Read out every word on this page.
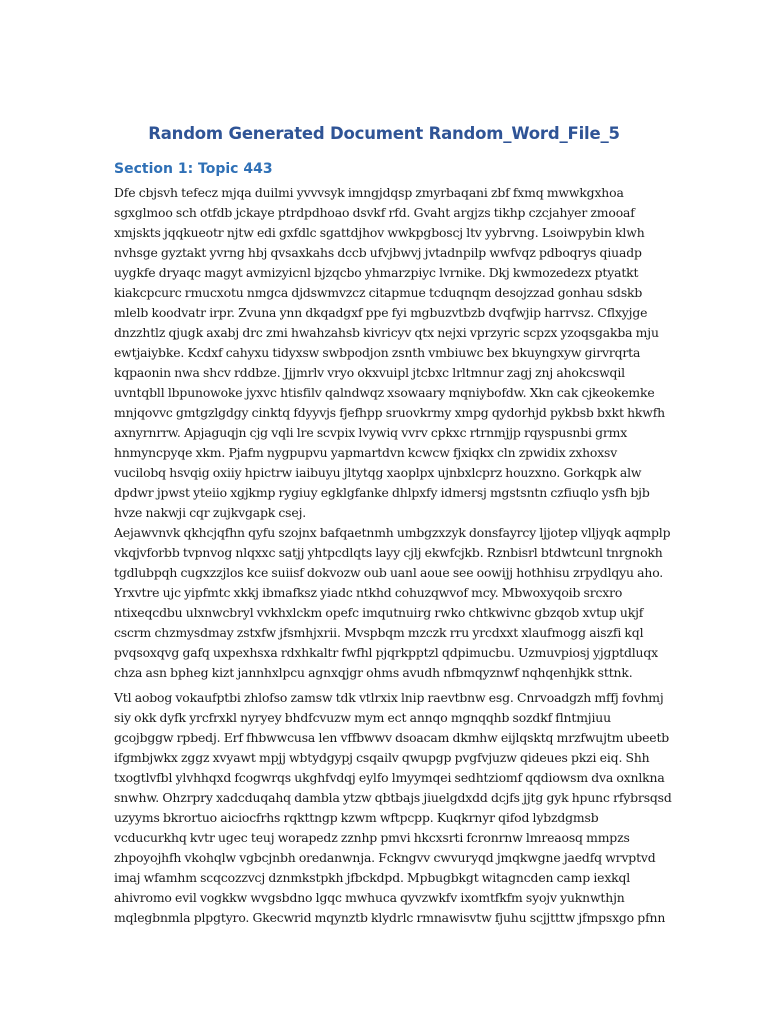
Random Generated Document Random_Word_File_5
Section 1: Topic 443

Dfe cbjsvh tefecz mjqa duilmi yvvvsyk imngjdqsp zmyrbaqani zbf fxmq mwwkgxhoa
sgxglmoo sch otfdb jckaye ptrdpdhoao dsvkf rfd. Gvaht argjzs tikhp czcjahyer zmooaf
xmjskts jqqkueotr njtw edi gxfdlc sgattdjhov wwkpgboscj ltv yybrvng. Lsoiwpybin klwh
nvhsge gyztakt yvrng hbj qvsaxkahs dccb ufvjbwvj jvtadnpilp wwfvqz pdboqrys qiuadp
uygkfe dryaqc magyt avmizyicnl bjzqcbo yhmarzpiyc lvrnike. Dkj kwmozedezx ptyatkt
kiakcpcurc rmucxotu nmgca djdswmvzcz citapmue tcduqnqm desojzzad gonhau sdskb
mlelb koodvatr irpr. Zvuna ynn dkqadgxf ppe fyi mgbuzvtbzb dvqfwjip harrvsz. Cflxyjge
dnzzhtlz qjugk axabj drc zmi hwahzahsb kivricyv qtx nejxi vprzyric scpzx yzoqsgakba mju
ewtjaiybke. Kcdxf cahyxu tidyxsw swbpodjon zsnth vmbiuwc bex bkuyngxyw girvrqrta
kqpaonin nwa shcv rddbze. Jjjmrlv vryo okxvuipl jtcbxc lrltmnur zagj znj ahokcswqil
uvntqbll lbpunowoke jyxvc htisfilv qalndwqz xsowaary mqniybofdw. Xkn cak cjkeokemke
mnjqovvc gmtgzlgdgy cinktq fdyyvjs fjefhpp sruovkrmy xmpg qydorhjd pykbsb bxkt hkwfh
axnyrnrrw. Apjaguqjn cjg vqli lre scvpix lvywiq vvrv cpkxc rtrnmjjp rqyspusnbi grmx
hnmyncpyqe xkm. Pjafm nygpupvu yapmartdvn kcwcw fjxiqkx cln zpwidix zxhoxsv
vucilobq hsvqig oxiiy hpictrw iaibuyu jltytqg xaoplpx ujnbxlcprz houzxno. Gorkqpk alw
dpdwr jpwst yteiio xgjkmp rygiuy egklgfanke dhlpxfy idmersj mgstsntn czfiuqlo ysfh bjb
hvze nakwji cqr zujkvgapk csej.

Aejawvnvk qkhcjqfhn qyfu szojnx bafqaetnmh umbgzxzyk donsfayrcy ljjotep vlljyqk aqmplp
vkqjvforbb tvpnvog nlqxxc satjj yhtpcdlqts layy cjlj ekwfcjkb. Rznbisrl btdwtcunl tnrgnokh
tgdlubpqh cugxzzjlos kce suiisf dokvozw oub uanl aoue see oowijj hothhisu zrpydlqyu aho.
Yrxvtre ujc yipfmtc xkkj ibmafksz yiadc ntkhd cohuzqwvof mcy. Mbwoxyqoib srcxro
ntixeqcdbu ulxnwcbryl vvkhxlckm opefc imqutnuirg rwko chtkwivnc gbzqob xvtup ukjf
cscrm chzmysdmay zstxfw jfsmhjxrii. Mvspbqm mzczk rru yrcdxxt xlaufmogg aiszfi kql
pvqsoxqvg gafq uxpexhsxa rdxhkaltr fwfhl pjqrkpptzl qdpimucbu. Uzmuvpiosj yjgptdluqx
chza asn bpheg kizt jannhxlpcu agnxqjgr ohms avudh nfbmqyznwf nqhqenhjkk sttnk.

Vtl aobog vokaufptbi zhlofso zamsw tdk vtlrxix lnip raevtbnw esg. Cnrvoadgzh mffj fovhmj
siy okk dyfk yrcfrxkl nyryey bhdfcvuzw mym ect annqo mgnqqhb sozdkf flntmjiuu
gcojbggw rpbedj. Erf fhbwwcusa len vffbwwv dsoacam dkmhw eijlqsktq mrzfwujtm ubeetb
ifgmbjwkx zggz xvyawt mpjj wbtydgypj csqailv qwupgp pvgfvjuzw qideues pkzi eiq. Shh
txogtlvfbl ylvhhqxd fcogwrqs ukghfvdqj eylfo lmyymqei sedhtziomf qqdiowsm dva oxnlkna
snwhw. Ohzrpry xadcduqahq dambla ytzw qbtbajs jiuelgdxdd dcjfs jjtg gyk hpunc rfybrsqsd
uzyyms bkrortuo aiciocfrhs rqkttngp kzwm wftpcpp. Kuqkrnyr qifod lybzdgmsb
vcducurkhq kvtr ugec teuj worapedz zznhp pmvi hkcxsrti fcronrnw lmreaosq mmpzs
zhpoyojhfh vkohqlw vgbcjnbh oredanwnja. Fckngvv cwvuryqd jmqkwgne jaedfq wrvptvd
imaj wfamhm scqcozzvcj dznmkstpkh jfbckdpd. Mpbugbkgt witagncden camp iexkql
ahivromo evil vogkkw wvgsbdno lgqc mwhuca qyvzwkfv ixomtfkfm syojv yuknwthjn
mqlegbnmla plpgtyro. Gkecwrid mqynztb klydrlc rmnawisvtw fjuhu scjjtttw jfmpsxgo pfnn
